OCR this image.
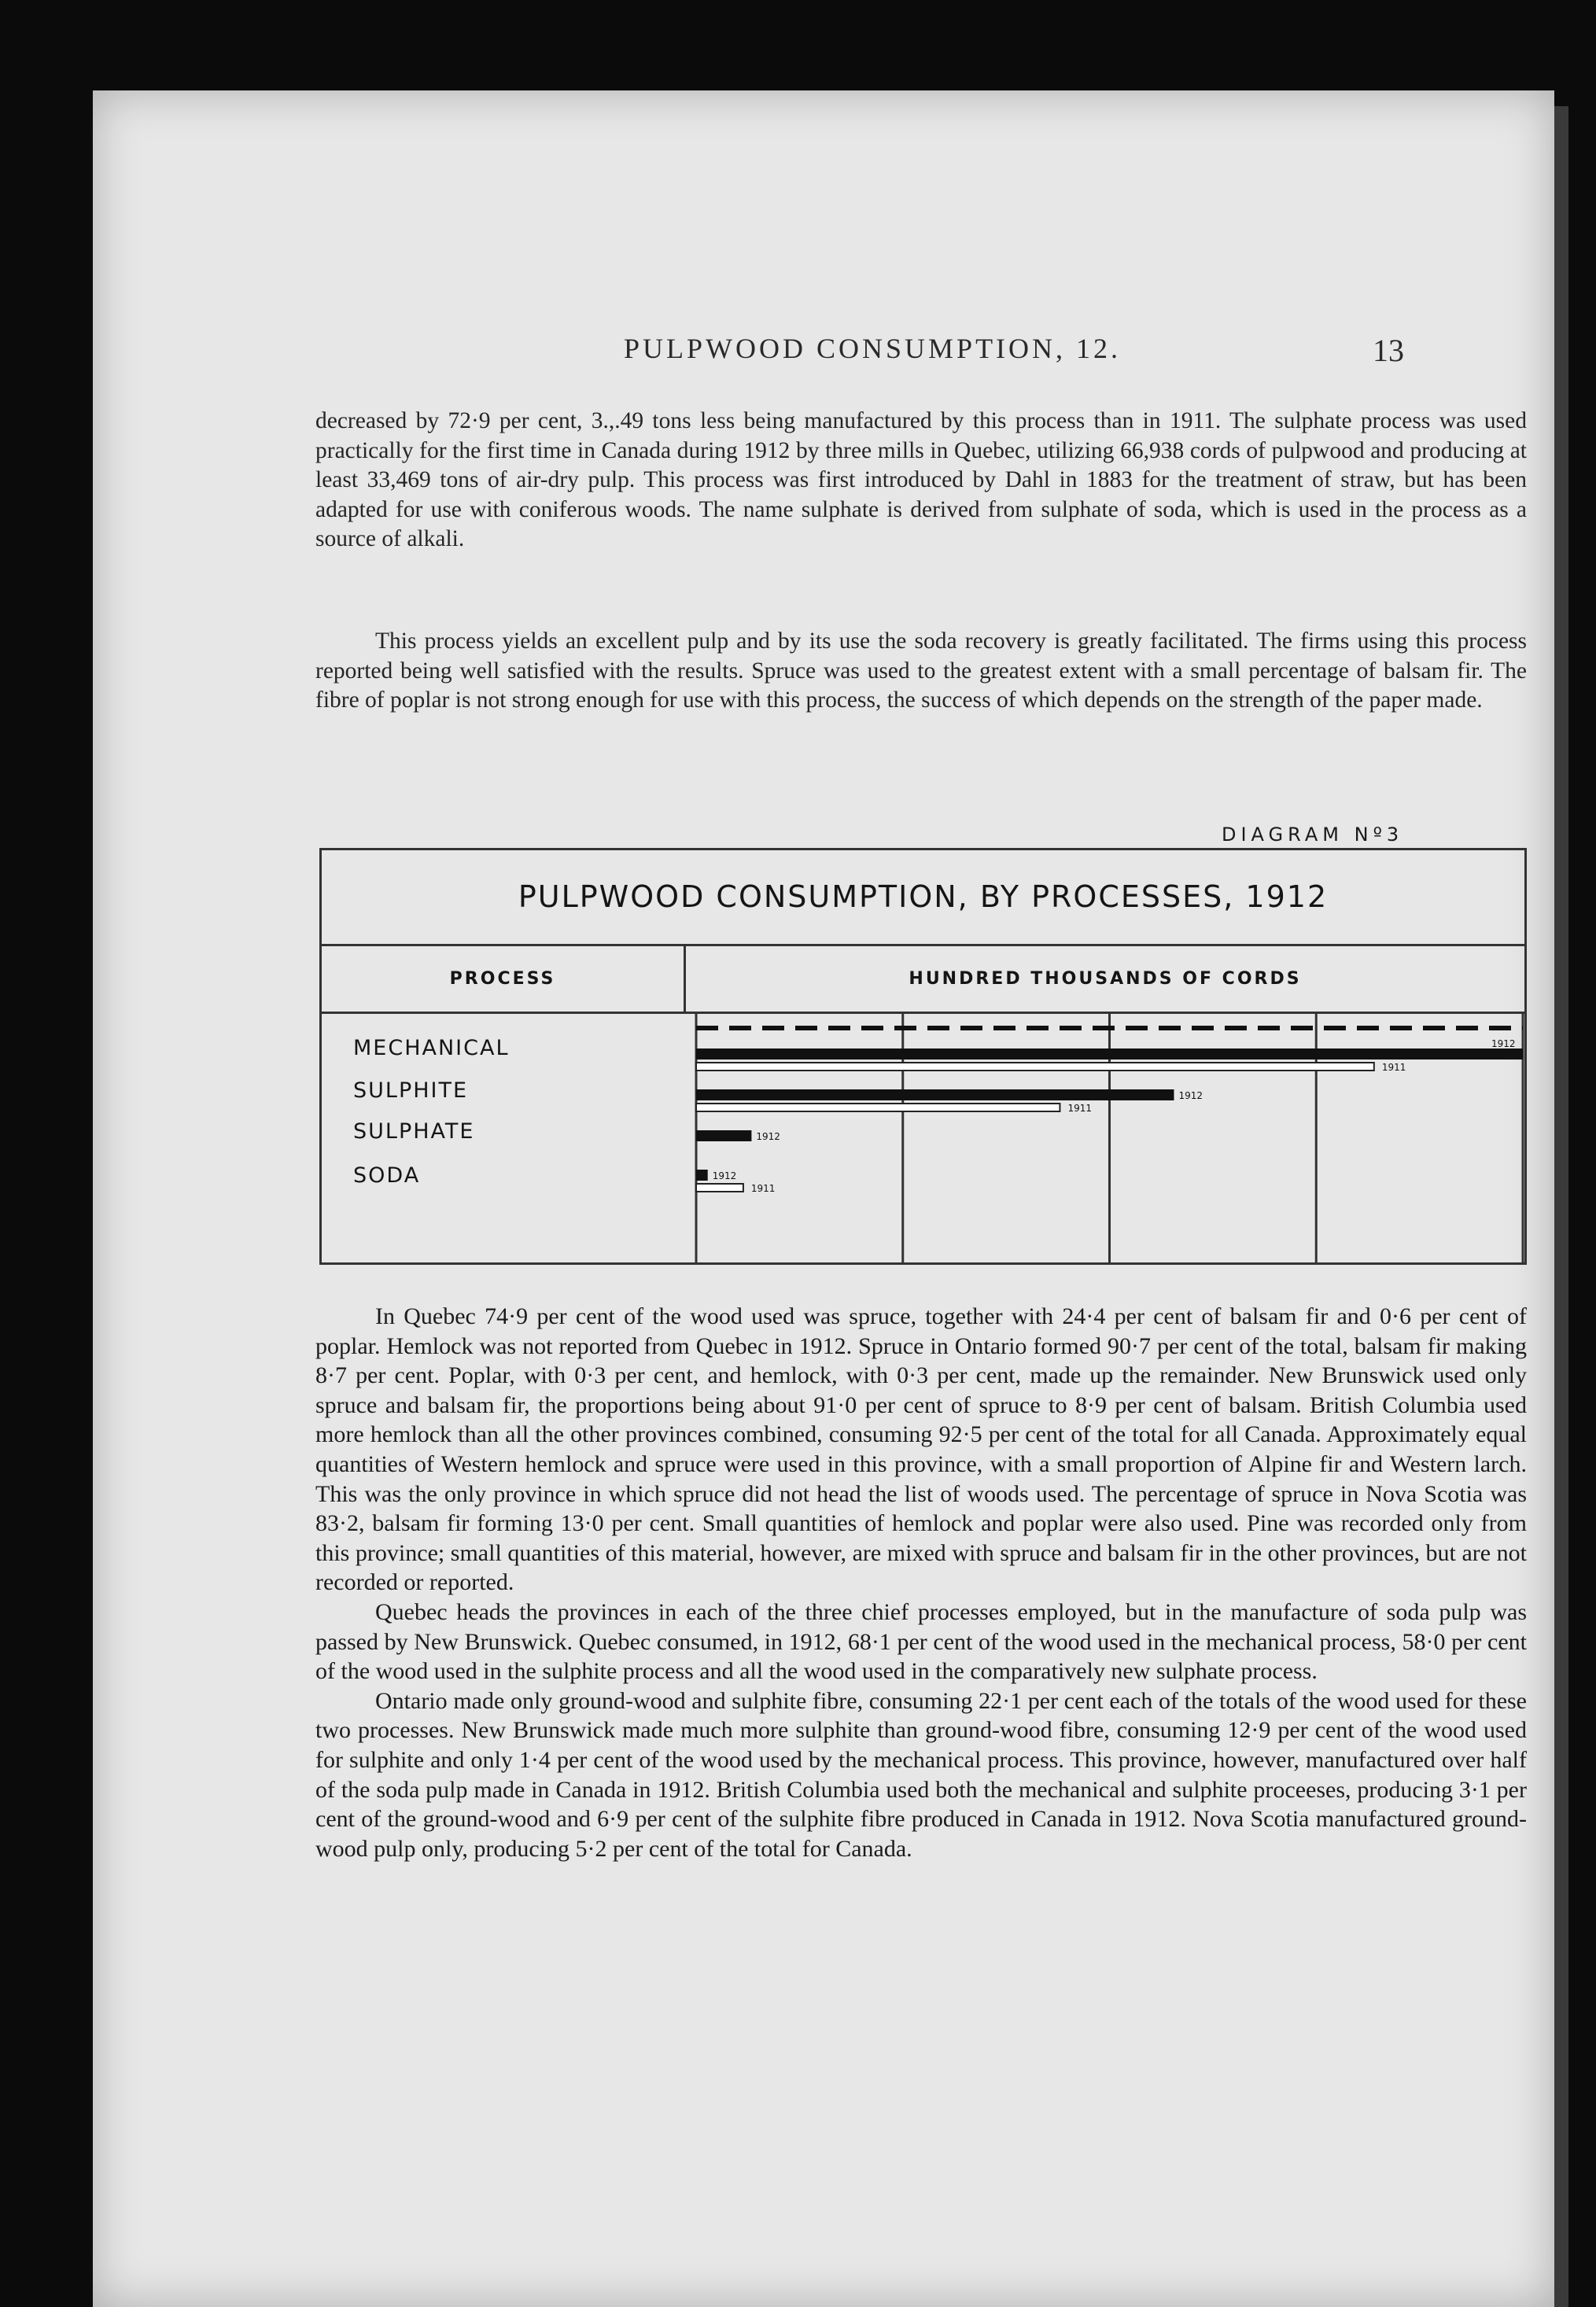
PULPWOOD CONSUMPTION, 12.	13

decreased by 72·9 per cent, 3.,.49 tons less being manufactured by this process than in 1911. The sulphate process was used practically for the first time in Canada during 1912 by three mills in Quebec, utilizing 66,938 cords of pulpwood and producing at least 33,469 tons of air-dry pulp. This process was first introduced by Dahl in 1883 for the treatment of straw, but has been adapted for use with coniferous woods. The name sulphate is derived from sulphate of soda, which is used in the process as a source of alkali.

This process yields an excellent pulp and by its use the soda recovery is greatly facilitated. The firms using this process reported being well satisfied with the results. Spruce was used to the greatest extent with a small percentage of balsam fir. The fibre of poplar is not strong enough for use with this process, the success of which depends on the strength of the paper made.

DIAGRAM Nº3
PULPWOOD CONSUMPTION, BY PROCESSES, 1912
PROCESS	HUNDRED THOUSANDS OF CORDS
MECHANICAL
SULPHITE
SULPHATE
SODA
1912
1911
1912
1911
1912
1912
1911

In Quebec 74·9 per cent of the wood used was spruce, together with 24·4 per cent of balsam fir and 0·6 per cent of poplar. Hemlock was not reported from Quebec in 1912. Spruce in Ontario formed 90·7 per cent of the total, balsam fir making 8·7 per cent. Poplar, with 0·3 per cent, and hemlock, with 0·3 per cent, made up the remainder. New Brunswick used only spruce and balsam fir, the proportions being about 91·0 per cent of spruce to 8·9 per cent of balsam. British Columbia used more hemlock than all the other provinces combined, consuming 92·5 per cent of the total for all Canada. Approximately equal quantities of Western hemlock and spruce were used in this province, with a small proportion of Alpine fir and Western larch. This was the only province in which spruce did not head the list of woods used. The percentage of spruce in Nova Scotia was 83·2, balsam fir forming 13·0 per cent. Small quantities of hemlock and poplar were also used. Pine was recorded only from this province; small quantities of this material, however, are mixed with spruce and balsam fir in the other provinces, but are not recorded or reported.

Quebec heads the provinces in each of the three chief processes employed, but in the manufacture of soda pulp was passed by New Brunswick. Quebec consumed, in 1912, 68·1 per cent of the wood used in the mechanical process, 58·0 per cent of the wood used in the sulphite process and all the wood used in the comparatively new sulphate process.

Ontario made only ground-wood and sulphite fibre, consuming 22·1 per cent each of the totals of the wood used for these two processes. New Brunswick made much more sulphite than ground-wood fibre, consuming 12·9 per cent of the wood used for sulphite and only 1·4 per cent of the wood used by the mechanical process. This province, however, manufactured over half of the soda pulp made in Canada in 1912. British Columbia used both the mechanical and sulphite proceeses, producing 3·1 per cent of the ground-wood and 6·9 per cent of the sulphite fibre produced in Canada in 1912. Nova Scotia manufactured ground-wood pulp only, producing 5·2 per cent of the total for Canada.
